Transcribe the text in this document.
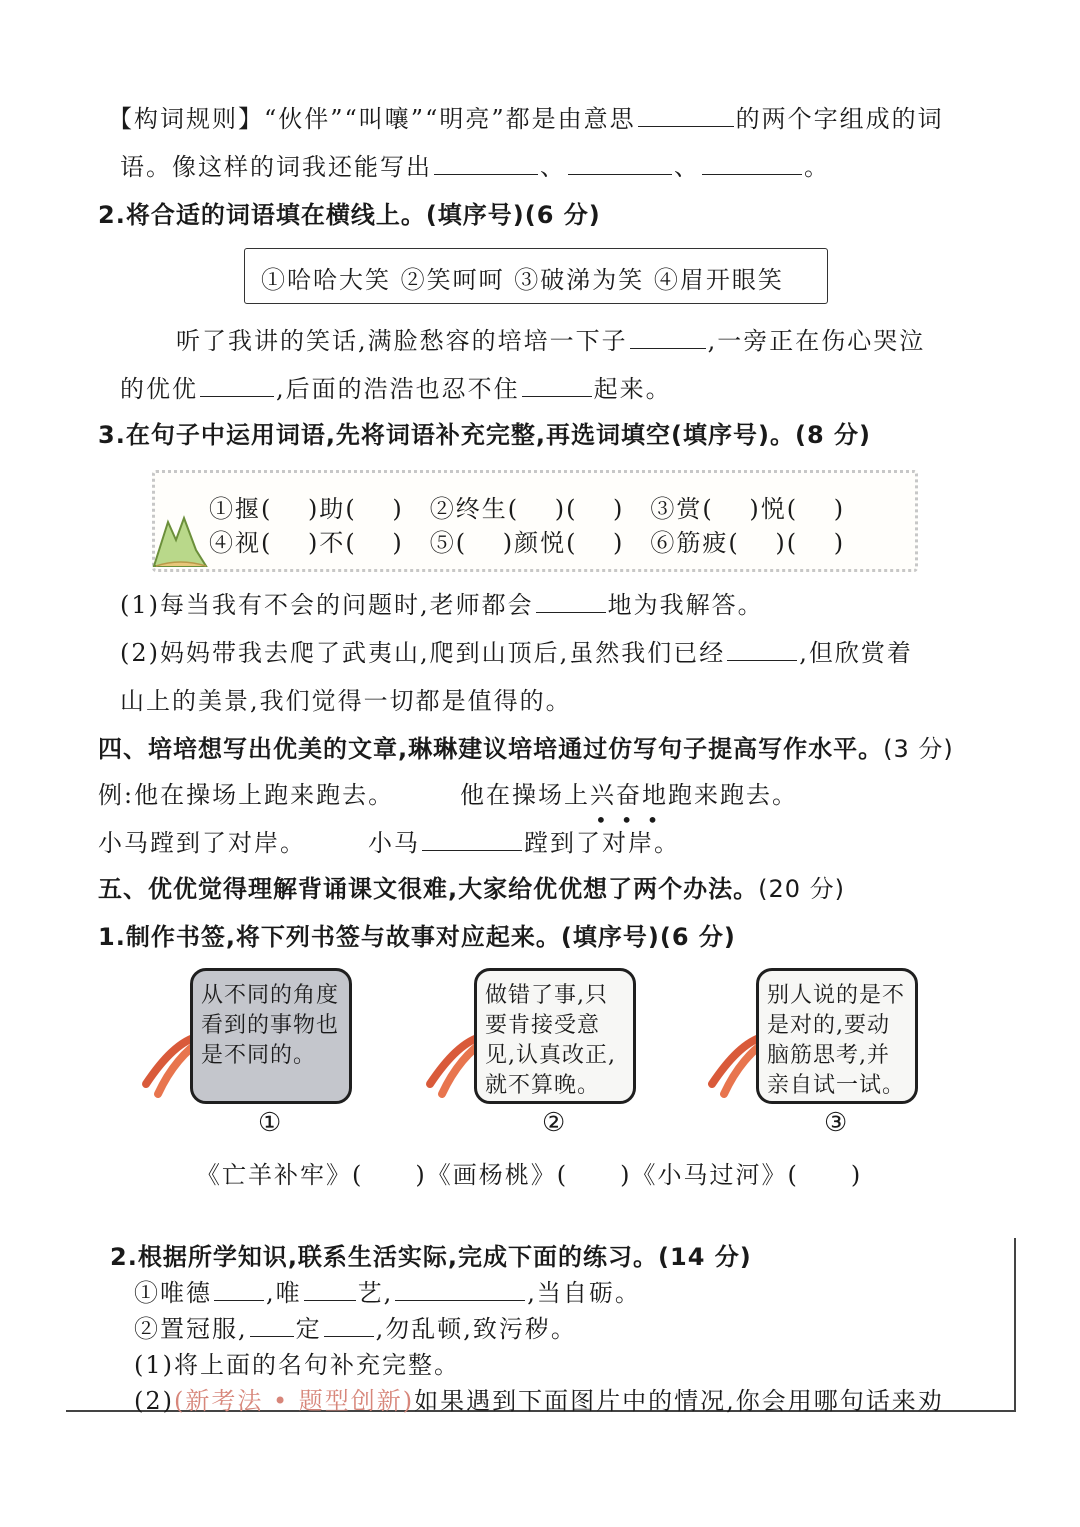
【构词规则】“伙伴”“叫嚷”“明亮”都是由意思	的两个字组成的词
语。像这样的词我还能写出	、	、	。
2.将合适的词语填在横线上。(填序号)(6 分)
①哈哈大笑 ②笑呵呵 ③破涕为笑 ④眉开眼笑
听了我讲的笑话,满脸愁容的培培一下子	,一旁正在伤心哭泣
的优优	,后面的浩浩也忍不住	起来。
3.在句子中运用词语,先将词语补充完整,再选词填空(填序号)。(8 分)
①揠(　 )助(　 )　②终生(　 )(　 )　③赏(　 )悦(　 )
④视(　 )不(　 )　⑤(　 )颜悦(　 )　⑥筋疲(　 )(　 )
(1)每当我有不会的问题时,老师都会	地为我解答。
(2)妈妈带我去爬了武夷山,爬到山顶后,虽然我们已经	,但欣赏着
山上的美景,我们觉得一切都是值得的。
四、培培想写出优美的文章,琳琳建议培培通过仿写句子提高写作水平。(3 分)
例:他在操场上跑来跑去。	他在操场上兴奋地跑来跑去。
•••
小马蹚到了对岸。	小马	蹚到了对岸。
五、优优觉得理解背诵课文很难,大家给优优想了两个办法。(20 分)
1.制作书签,将下列书签与故事对应起来。(填序号)(6 分)
从不同的角度看到的事物也是不同的。
①
做错了事,只要肯接受意见,认真改正,就不算晚。
②
别人说的是不是对的,要动脑筋思考,并亲自试一试。
③
《亡羊补牢》(　　)《画杨桃》(　　)《小马过河》(　　)
2.根据所学知识,联系生活实际,完成下面的练习。(14 分)
①唯德 ,唯 艺,	,当自砺。
②置冠服, 定 ,勿乱顿,致污秽。
(1)将上面的名句补充完整。
(2)(新考法 • 题型创新)如果遇到下面图片中的情况,你会用哪句话来劝
